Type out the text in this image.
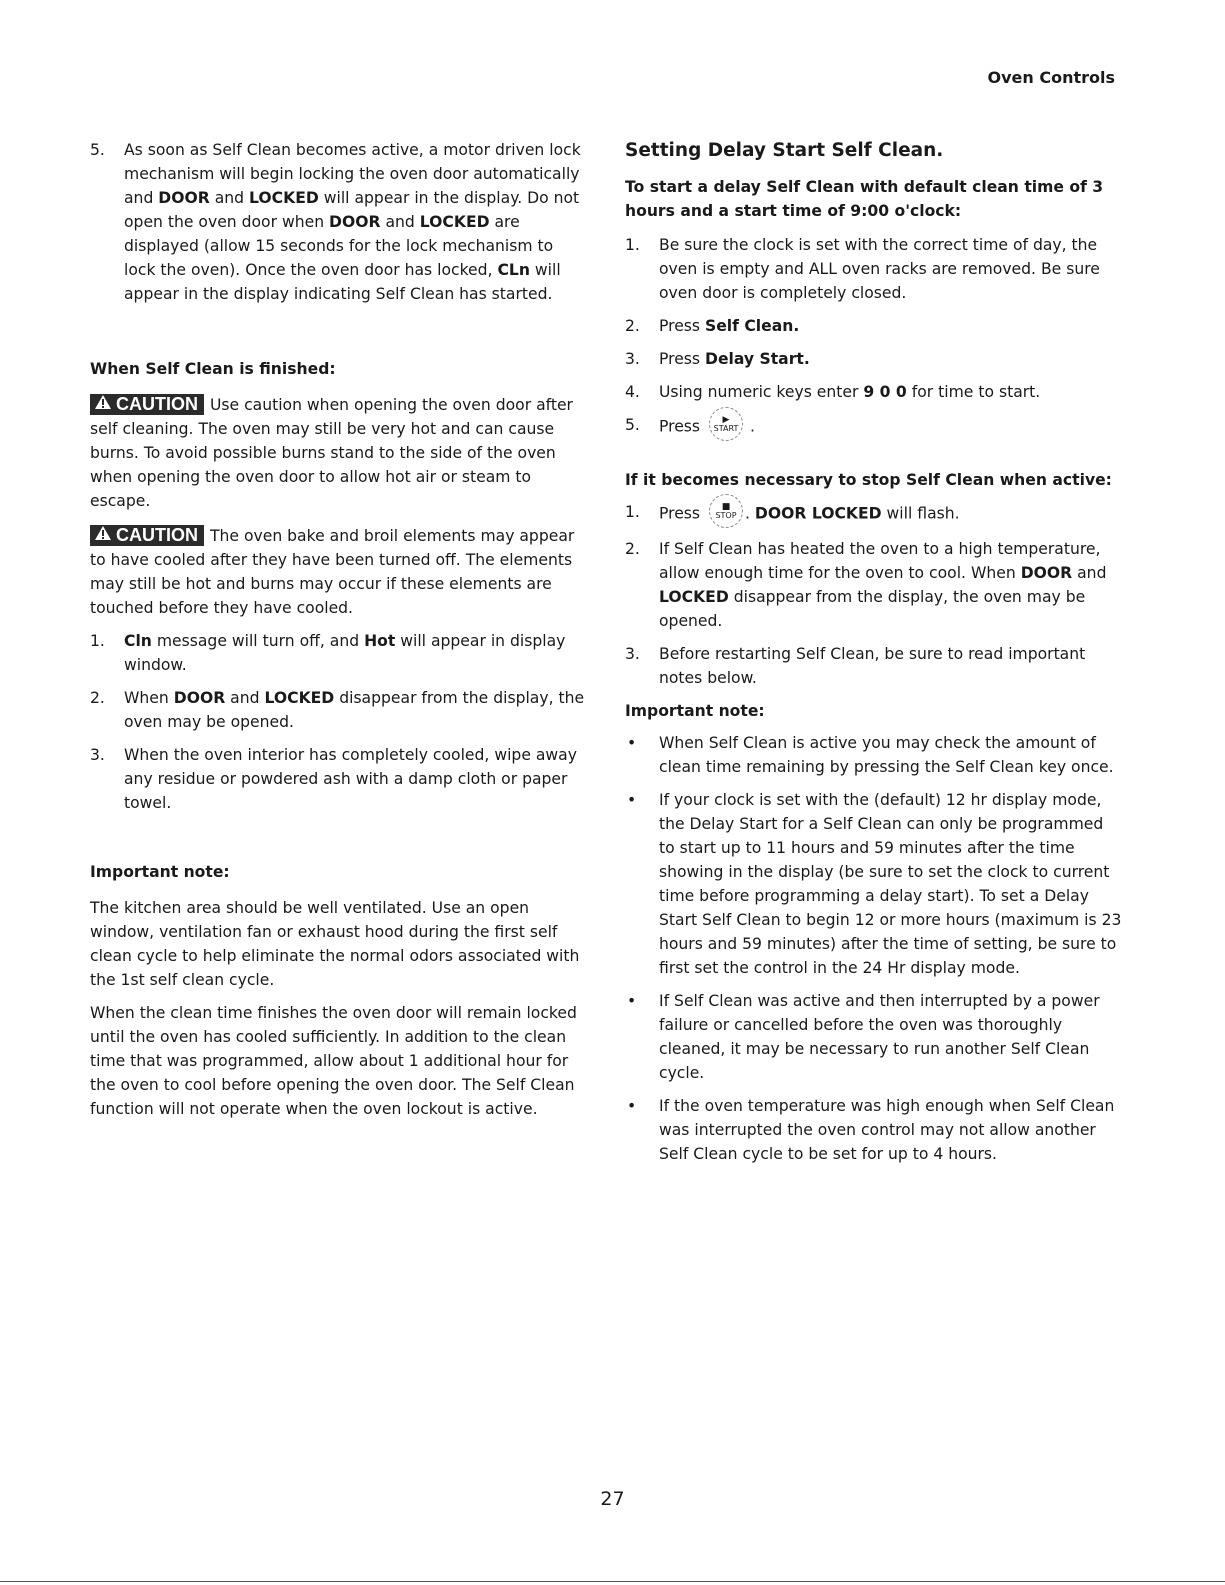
Oven Controls
5.	As soon as Self Clean becomes active, a motor driven lock mechanism will begin locking the oven door automatically and DOOR and LOCKED will appear in the display. Do not open the oven door when DOOR and LOCKED are displayed (allow 15 seconds for the lock mechanism to lock the oven). Once the oven door has locked, CLn will appear in the display indicating Self Clean has started.
When Self Clean is finished:
CAUTION Use caution when opening the oven door after self cleaning. The oven may still be very hot and can cause burns. To avoid possible burns stand to the side of the oven when opening the oven door to allow hot air or steam to escape.
CAUTION The oven bake and broil elements may appear to have cooled after they have been turned off. The elements may still be hot and burns may occur if these elements are touched before they have cooled.
1.	Cln message will turn off, and Hot will appear in display window.
2.	When DOOR and LOCKED disappear from the display, the oven may be opened.
3.	When the oven interior has completely cooled, wipe away any residue or powdered ash with a damp cloth or paper towel.
Important note:
The kitchen area should be well ventilated. Use an open window, ventilation fan or exhaust hood during the first self clean cycle to help eliminate the normal odors associated with the 1st self clean cycle.
When the clean time finishes the oven door will remain locked until the oven has cooled sufficiently. In addition to the clean time that was programmed, allow about 1 additional hour for the oven to cool before opening the oven door. The Self Clean function will not operate when the oven lockout is active.
Setting Delay Start Self Clean.
To start a delay Self Clean with default clean time of 3 hours and a start time of 9:00 o'clock:
1.	Be sure the clock is set with the correct time of day, the oven is empty and ALL oven racks are removed. Be sure oven door is completely closed.
2.	Press Self Clean.
3.	Press Delay Start.
4.	Using numeric keys enter 9 0 0 for time to start.
5.	Press	▶
START .
If it becomes necessary to stop Self Clean when active:
1.	Press	■
STOP . DOOR LOCKED will flash.
2.	If Self Clean has heated the oven to a high temperature, allow enough time for the oven to cool. When DOOR and LOCKED disappear from the display, the oven may be opened.
3.	Before restarting Self Clean, be sure to read important notes below.
Important note:
•	When Self Clean is active you may check the amount of clean time remaining by pressing the Self Clean key once.
•	If your clock is set with the (default) 12 hr display mode, the Delay Start for a Self Clean can only be programmed to start up to 11 hours and 59 minutes after the time showing in the display (be sure to set the clock to current time before programming a delay start). To set a Delay Start Self Clean to begin 12 or more hours (maximum is 23 hours and 59 minutes) after the time of setting, be sure to first set the control in the 24 Hr display mode.
•	If Self Clean was active and then interrupted by a power failure or cancelled before the oven was thoroughly cleaned, it may be necessary to run another Self Clean cycle.
•	If the oven temperature was high enough when Self Clean was interrupted the oven control may not allow another Self Clean cycle to be set for up to 4 hours.
27
